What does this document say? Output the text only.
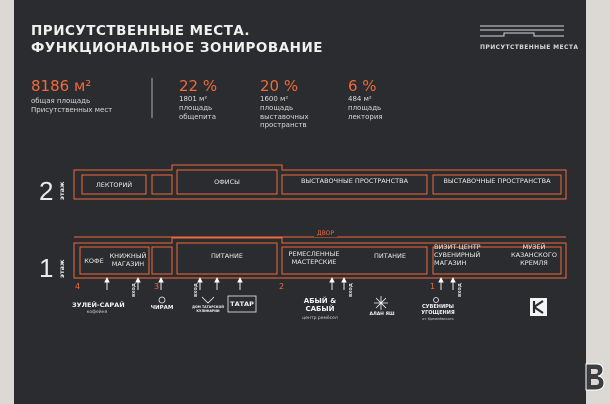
ПРИСУТСТВЕННЫЕ МЕСТА.
ФУНКЦИОНАЛЬНОЕ ЗОНИРОВАНИЕ	ПРИСУТСТВЕННЫЕ МЕСТА
8186 м²
общая площадь Присутственных мест
22 %
1801 м²
площадь общепита
20 %
1600 м²
площадь выставочных пространств
6 %
484 м²
площадь лектория
2 этаж	ЛЕКТОРИЙ	ОФИСЫ	ВЫСТАВОЧНЫЕ ПРОСТРАНСТВА	ВЫСТАВОЧНЫЕ ПРОСТРАНСТВА
ДВОР
1 этаж	КОФЕ
КНИЖНЫЙ МАГАЗИН
ПИТАНИЕ	РЕМЕСЛЕННЫЕ МАСТЕРСКИЕ
ПИТАНИЕ
ВИЗИТ-ЦЕНТР СУВЕНИРНЫЙ МАГАЗИН
МУЗЕЙ КАЗАНСКОГО КРЕМЛЯ
4	3	2	1
вход	вход	вход	вход
ЗУЛЕЙ-САРАЙ
кофейня
ЧИРАМ	ДОМ ТАТАРСКОЙ КУЛИНАРИИ
ТАТАР	АБЫЙ & САБЫЙ
центр ремёсел
АЛАН ЯШ
СУВЕНИРЫ УГОЩЕНИЯ
от Кремлёвского
